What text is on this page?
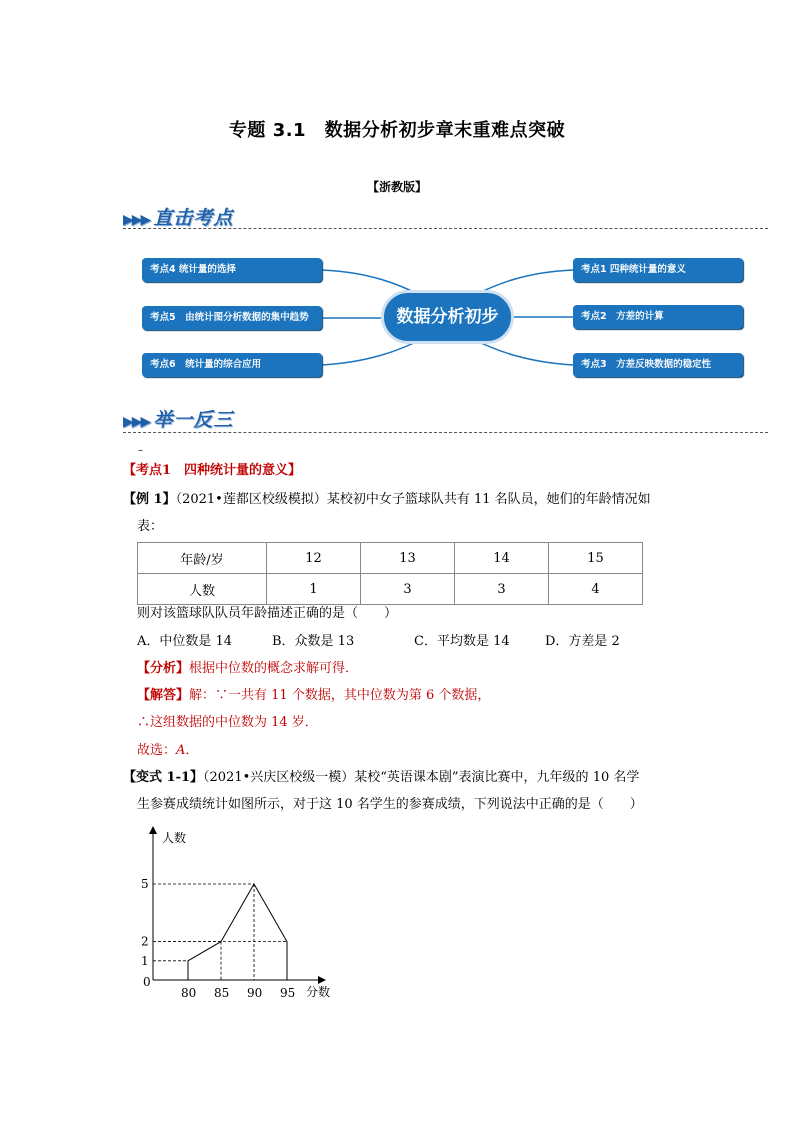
专题 3.1　数据分析初步章末重难点突破
【浙教版】
▶▶▶ 直击考点
考点4 统计量的选择
考点5　由统计图分析数据的集中趋势
考点6　统计量的综合应用
考点1 四种统计量的意义
考点2　方差的计算
考点3　方差反映数据的稳定性
数据分析初步
▶▶▶ 举一反三
–
【考点1　四种统计量的意义】
【例 1】（2021•莲都区校级模拟）某校初中女子篮球队共有 11 名队员，她们的年龄情况如
表：
年龄/岁	12	13	14	15
人数	1	3	3	4
则对该篮球队队员年龄描述正确的是（　　）
A．中位数是 14	B．众数是 13	C．平均数是 14	D．方差是 2
【分析】根据中位数的概念求解可得．
【解答】解：∵一共有 11 个数据，其中位数为第 6 个数据，
∴这组数据的中位数为 14 岁．
故选：A．
【变式 1-1】（2021•兴庆区校级一模）某校“英语课本剧”表演比赛中，九年级的 10 名学
生参赛成绩统计如图所示，对于这 10 名学生的参赛成绩，下列说法中正确的是（　　）
80 85 90 95
1
2
5
人数
分数
0
